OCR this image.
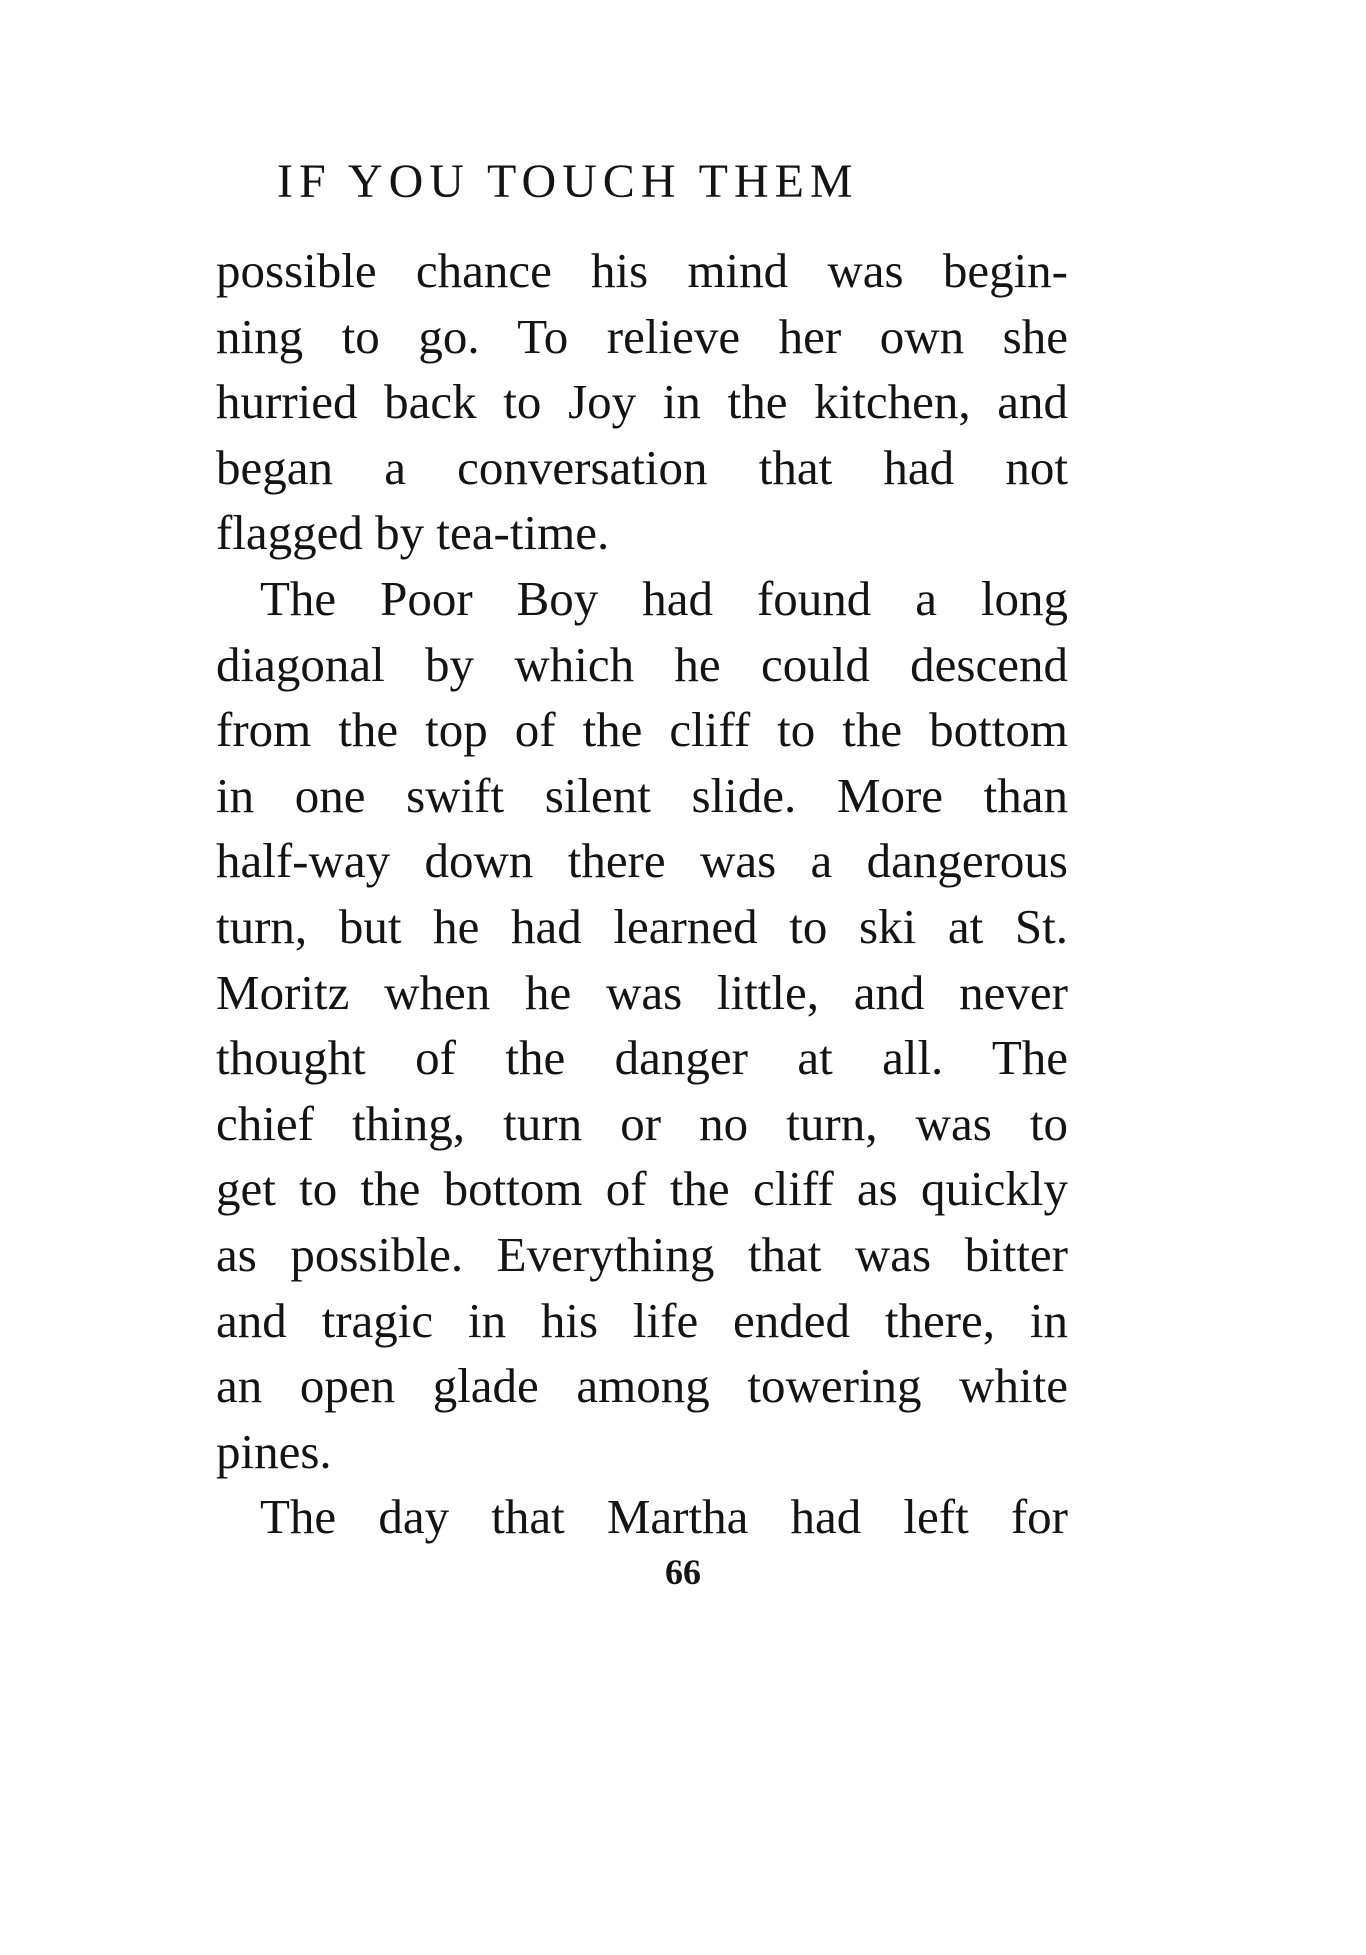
IF YOU TOUCH THEM
possible chance his mind was begin-
ning to go. To relieve her own she
hurried back to Joy in the kitchen, and
began a conversation that had not
flagged by tea-time.
The Poor Boy had found a long
diagonal by which he could descend
from the top of the cliff to the bottom
in one swift silent slide. More than
half-way down there was a dangerous
turn, but he had learned to ski at St.
Moritz when he was little, and never
thought of the danger at all. The
chief thing, turn or no turn, was to
get to the bottom of the cliff as quickly
as possible. Everything that was bitter
and tragic in his life ended there, in
an open glade among towering white
pines.
The day that Martha had left for
66
